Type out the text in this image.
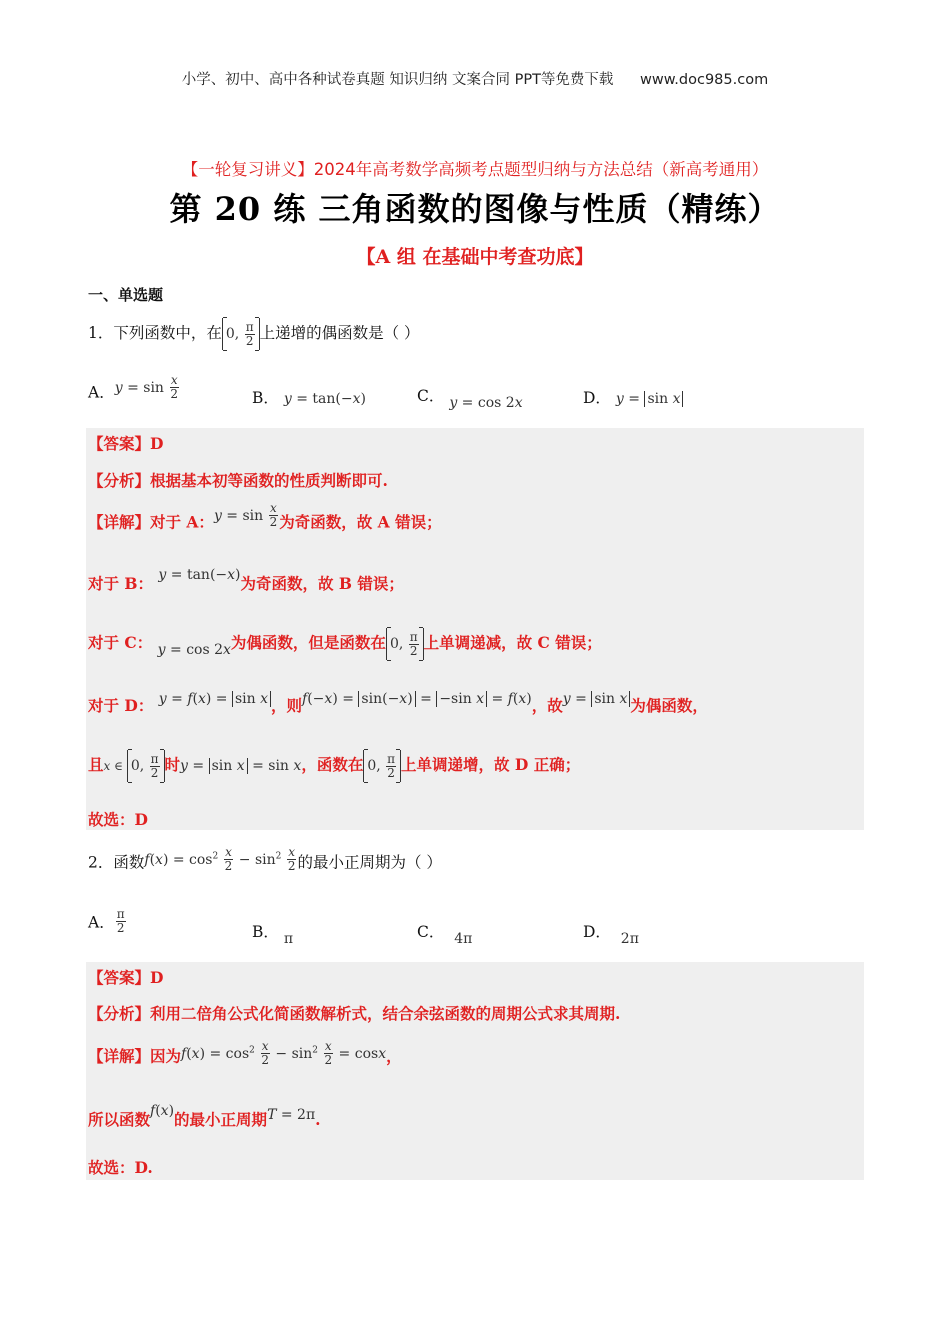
小学、初中、高中各种试卷真题 知识归纳 文案合同 PPT等免费下载 www.doc985.com
【一轮复习讲义】2024年高考数学高频考点题型归纳与方法总结（新高考通用）
第 20 练 三角函数的图像与性质（精练）
【A 组 在基础中考查功底】
一、单选题
1．下列函数中，在 0, $\frac{\pi}{2}$ 上递增的偶函数是（ ）
A．$y = \sin \frac{x}{2}$	B． y = tan(−x)	C． y = cos 2x	D． y = sin x
【答案】D
【分析】根据基本初等函数的性质判断即可.
【详解】对于 A：$y = \sin \frac{x}{2}$ 为奇函数，故 A 错误；
对于 B： y = tan(−x)为奇函数，故 B 错误；
对于 C： y = cos 2x为偶函数，但是函数在 0, $\frac{\pi}{2}$ 上单调递减，故 C 错误；
对于 D： y = f(x) = sin x ，则f(−x) = sin(−x) = −sin x = f(x)，故y = sin x 为偶函数，
且x ∈ 0, $\frac{\pi}{2}$ 时y = sin x = sin x，函数在 0, $\frac{\pi}{2}$ 上单调递增，故 D 正确；
故选：D
2．函数$f(x) = \cos^2 \frac{x}{2} - \sin^2 \frac{x}{2}$ 的最小正周期为（ ）
A． $\frac{\pi}{2}$	B． π	C． 4π	D． 2π
【答案】D
【分析】利用二倍角公式化简函数解析式，结合余弦函数的周期公式求其周期.
【详解】因为$f(x) = \cos^2 \frac{x}{2} - \sin^2 \frac{x}{2} = \cos x$，
所以函数f(x)的最小正周期T = 2π.
故选：D.
